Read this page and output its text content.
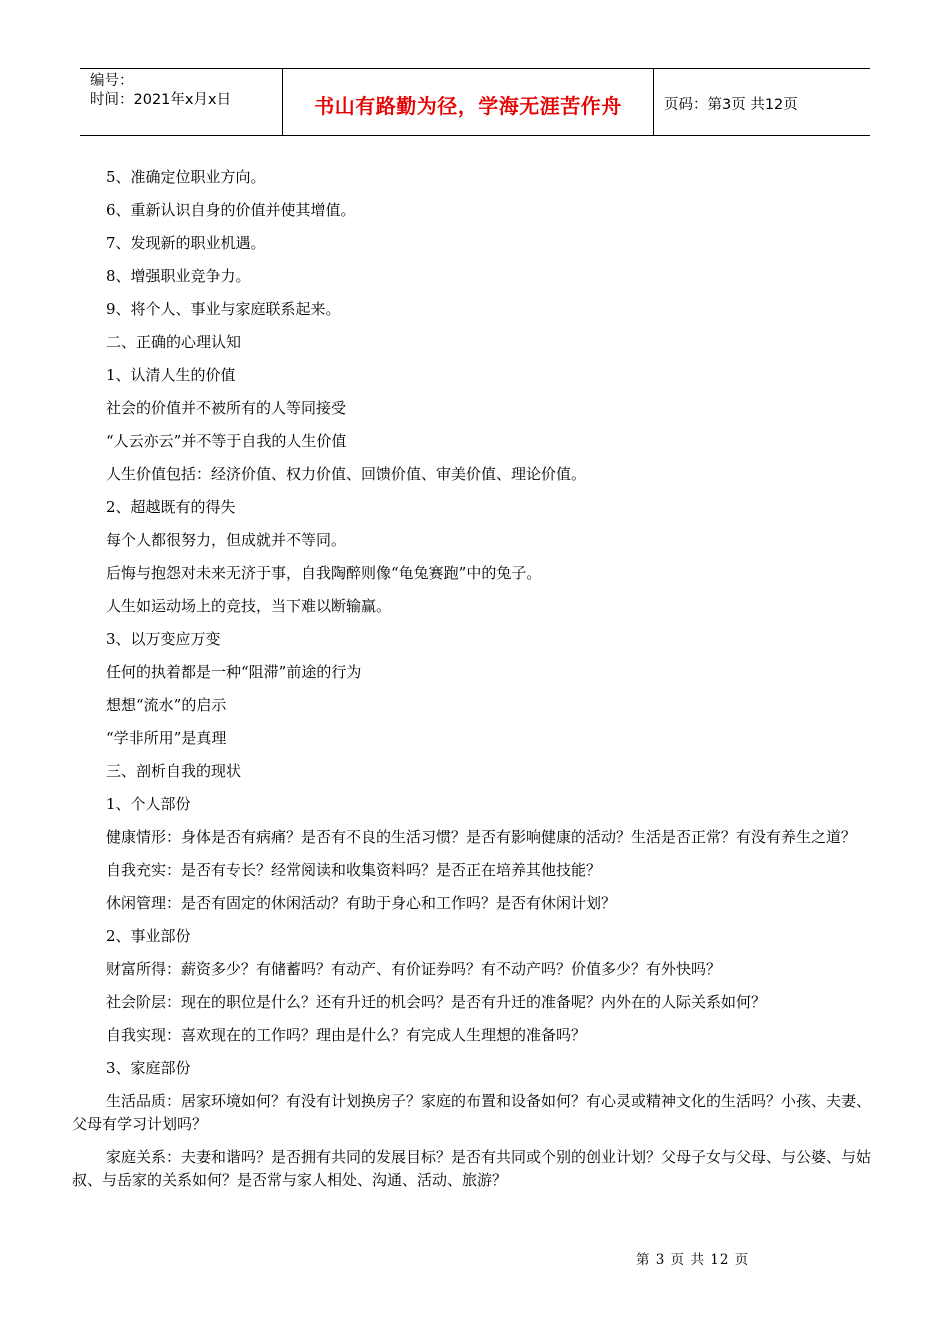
编号：
时间：2021年x月x日	书山有路勤为径，学海无涯苦作舟	页码：第3页 共12页

5、准确定位职业方向。

6、重新认识自身的价值并使其增值。

7、发现新的职业机遇。

8、增强职业竞争力。

9、将个人、事业与家庭联系起来。

二、正确的心理认知

1、认清人生的价值

社会的价值并不被所有的人等同接受

“人云亦云”并不等于自我的人生价值

人生价值包括：经济价值、权力价值、回馈价值、审美价值、理论价值。

2、超越既有的得失

每个人都很努力，但成就并不等同。

后悔与抱怨对未来无济于事，自我陶醉则像“龟兔赛跑”中的兔子。

人生如运动场上的竞技，当下难以断输赢。

3、以万变应万变

任何的执着都是一种“阻滞”前途的行为

想想“流水”的启示

“学非所用”是真理

三、剖析自我的现状

1、个人部份

健康情形：身体是否有病痛？是否有不良的生活习惯？是否有影响健康的活动？生活是否正常？有没有养生之道？

自我充实：是否有专长？经常阅读和收集资料吗？是否正在培养其他技能？

休闲管理：是否有固定的休闲活动？有助于身心和工作吗？是否有休闲计划？

2、事业部份

财富所得：薪资多少？有储蓄吗？有动产、有价证券吗？有不动产吗？价值多少？有外快吗？

社会阶层：现在的职位是什么？还有升迁的机会吗？是否有升迁的准备呢？内外在的人际关系如何？

自我实现：喜欢现在的工作吗？理由是什么？有完成人生理想的准备吗？

3、家庭部份

生活品质：居家环境如何？有没有计划换房子？家庭的布置和设备如何？有心灵或精神文化的生活吗？小孩、夫妻、父母有学习计划吗？

家庭关系：夫妻和谐吗？是否拥有共同的发展目标？是否有共同或个别的创业计划？父母子女与父母、与公婆、与姑叔、与岳家的关系如何？是否常与家人相处、沟通、活动、旅游？

第 3 页 共 12 页
